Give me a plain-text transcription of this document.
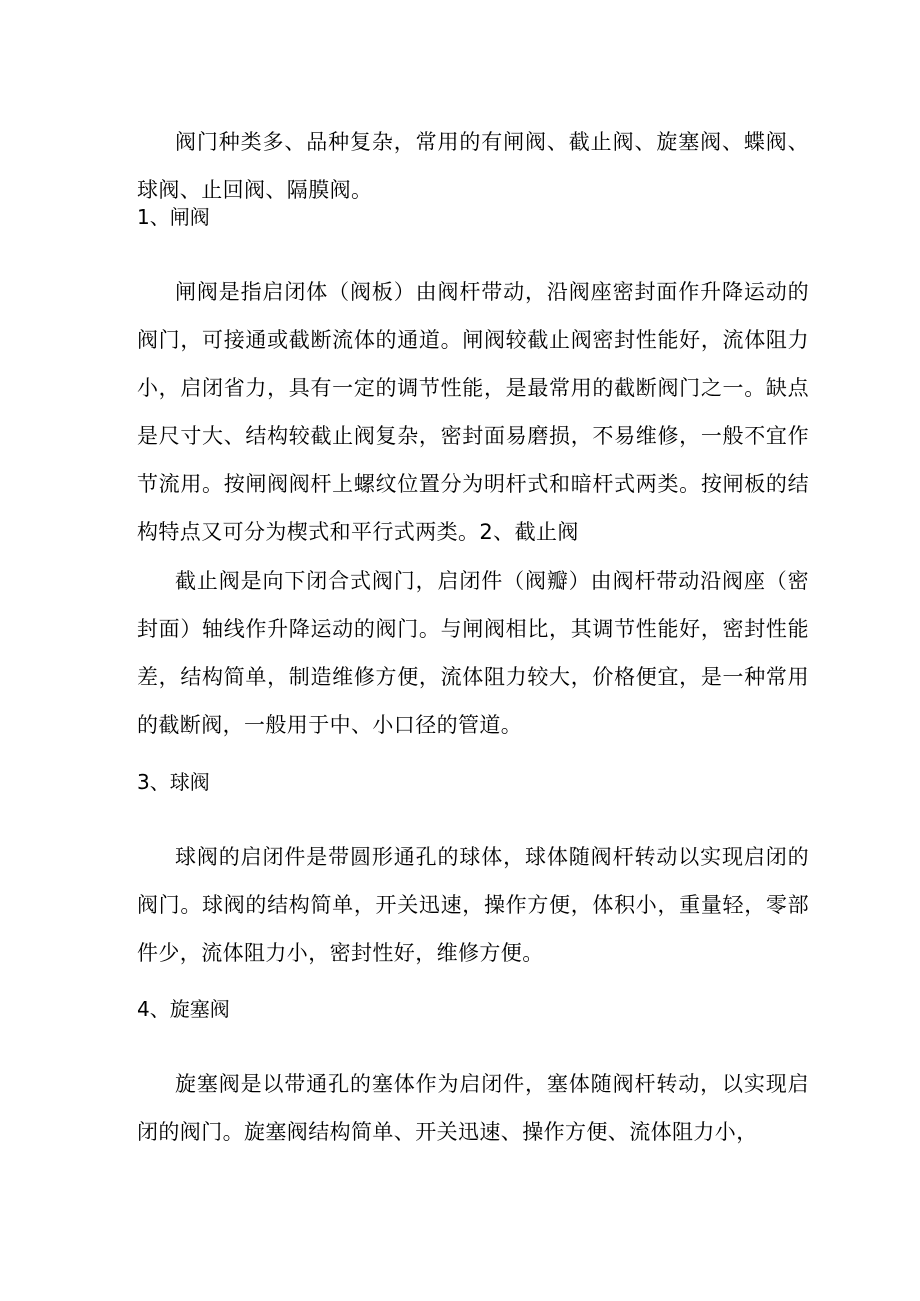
阀门种类多、品种复杂，常用的有闸阀、截止阀、旋塞阀、蝶阀、球阀、止回阀、隔膜阀。

1、闸阀

闸阀是指启闭体（阀板）由阀杆带动，沿阀座密封面作升降运动的阀门，可接通或截断流体的通道。闸阀较截止阀密封性能好，流体阻力小，启闭省力，具有一定的调节性能，是最常用的截断阀门之一。缺点是尺寸大、结构较截止阀复杂，密封面易磨损，不易维修，一般不宜作节流用。按闸阀阀杆上螺纹位置分为明杆式和暗杆式两类。按闸板的结构特点又可分为楔式和平行式两类。2、截止阀

截止阀是向下闭合式阀门，启闭件（阀瓣）由阀杆带动沿阀座（密封面）轴线作升降运动的阀门。与闸阀相比，其调节性能好，密封性能差，结构简单，制造维修方便，流体阻力较大，价格便宜，是一种常用的截断阀，一般用于中、小口径的管道。

3、球阀

球阀的启闭件是带圆形通孔的球体，球体随阀杆转动以实现启闭的阀门。球阀的结构简单，开关迅速，操作方便，体积小，重量轻，零部件少，流体阻力小，密封性好，维修方便。

4、旋塞阀

旋塞阀是以带通孔的塞体作为启闭件，塞体随阀杆转动，以实现启闭的阀门。旋塞阀结构简单、开关迅速、操作方便、流体阻力小，
